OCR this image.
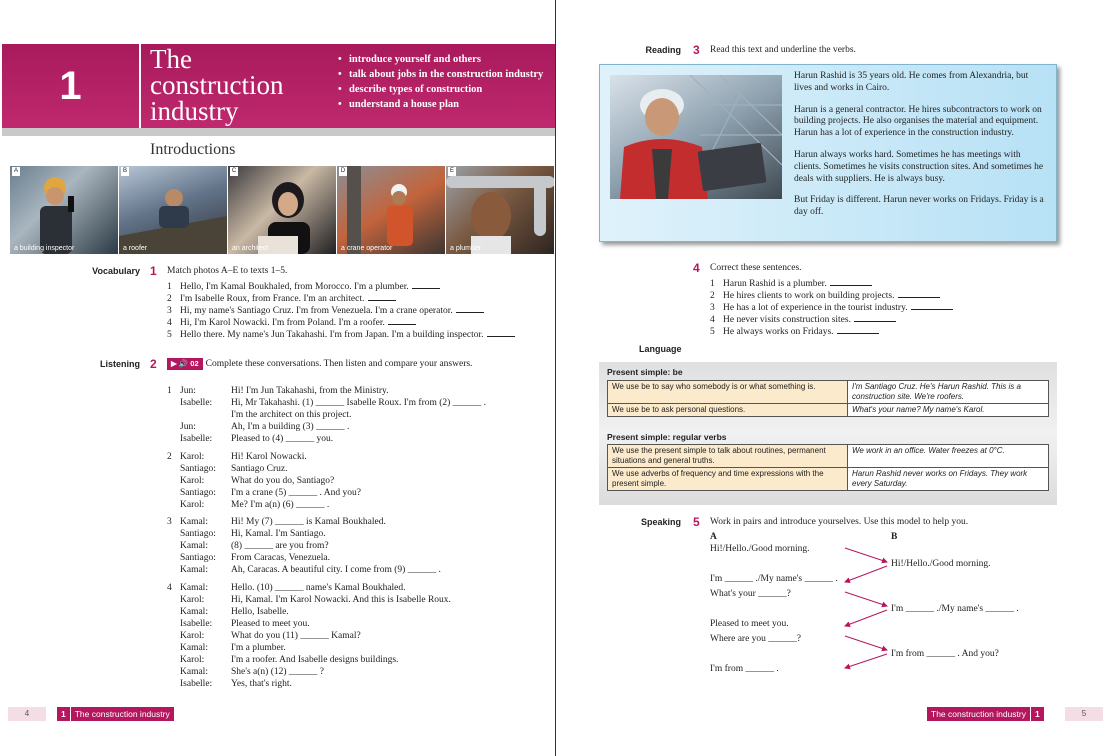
1
The
construction
industry
• introduce yourself and others
• talk about jobs in the construction industry
• describe types of construction
• understand a house plan
Introductions
A
a building inspector
B
a roofer
C
an architect
D
a crane operator
E
a plumber
Vocabulary 1 Match photos A–E to texts 1–5.
1 Hello, I'm Kamal Boukhaled, from Morocco. I'm a plumber.
2 I'm Isabelle Roux, from France. I'm an architect.
3 Hi, my name's Santiago Cruz. I'm from Venezuela. I'm a crane operator.
4 Hi, I'm Karol Nowacki. I'm from Poland. I'm a roofer.
5 Hello there. My name's Jun Takahashi. I'm from Japan. I'm a building inspector.
Listening 2	▶ 🔊 02 Complete these conversations. Then listen and compare your answers.
1 Jun:	Hi! I'm Jun Takahashi, from the Ministry.
Isabelle:	Hi, Mr Takahashi. (1) ______ Isabelle Roux. I'm from (2) ______ .
I'm the architect on this project.
Jun:	Ah, I'm a building (3) ______ .
Isabelle:	Pleased to (4) ______ you.
2 Karol:	Hi! Karol Nowacki.
Santiago:	Santiago Cruz.
Karol:	What do you do, Santiago?
Santiago:	I'm a crane (5) ______ . And you?
Karol:	Me? I'm a(n) (6) ______ .
3 Kamal:	Hi! My (7) ______ is Kamal Boukhaled.
Santiago:	Hi, Kamal. I'm Santiago.
Kamal:	(8) ______ are you from?
Santiago:	From Caracas, Venezuela.
Kamal:	Ah, Caracas. A beautiful city. I come from (9) ______ .
4 Kamal:	Hello. (10) ______ name's Kamal Boukhaled.
Karol:	Hi, Kamal. I'm Karol Nowacki. And this is Isabelle Roux.
Kamal:	Hello, Isabelle.
Isabelle:	Pleased to meet you.
Karol:	What do you (11) ______ Kamal?
Kamal:	I'm a plumber.
Karol:	I'm a roofer. And Isabelle designs buildings.
Kamal:	She's a(n) (12) ______ ?
Isabelle:	Yes, that's right.
4	1	The construction industry
Reading 3 Read this text and underline the verbs.

Harun Rashid is 35 years old. He comes from Alexandria, but lives and works in Cairo.

Harun is a general contractor. He hires subcontractors to work on building projects. He also organises the material and equipment. Harun has a lot of experience in the construction industry.

Harun always works hard. Sometimes he has meetings with clients. Sometimes he visits construction sites. And sometimes he deals with suppliers. He is always busy.

But Friday is different. Harun never works on Fridays. Friday is a day off.

4 Correct these sentences.
1 Harun Rashid is a plumber.
2 He hires clients to work on building projects.
3 He has a lot of experience in the tourist industry.
4 He never visits construction sites.
5 He always works on Fridays.
Language
Present simple: be
We use be to say who somebody is or what something is.	I'm Santiago Cruz. He's Harun Rashid. This is a construction site. We're roofers.
We use be to ask personal questions.	What's your name? My name's Karol.
Present simple: regular verbs
We use the present simple to talk about routines, permanent situations and general truths.	We work in an office. Water freezes at 0°C.
We use adverbs of frequency and time expressions with the present simple.	Harun Rashid never works on Fridays. They work every Saturday.
Speaking 5 Work in pairs and introduce yourselves. Use this model to help you.
A	B
Hi!/Hello./Good morning.
Hi!/Hello./Good morning.
I'm ______ ./My name's ______ .
What's your ______?
I'm ______ ./My name's ______ .
Pleased to meet you.
Where are you ______?
I'm from ______ . And you?
I'm from ______ .
The construction industry	1	5
